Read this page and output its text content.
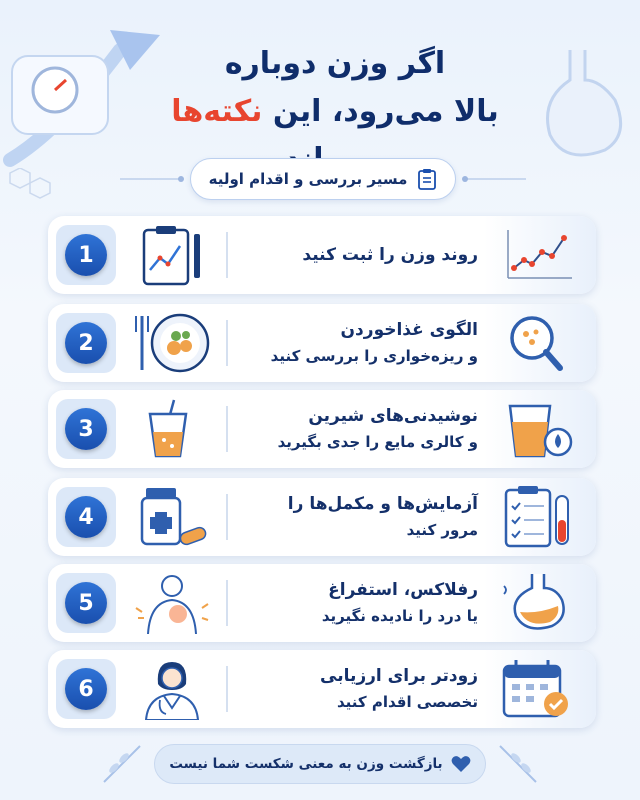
اگر وزن دوباره
بالا می‌رود، این نکته‌ها
مسیر بررسی و اقدام اولیه
1	روند وزن را ثبت کنید
2
الگوی غذاخوردن
و ریزه‌خواری را بررسی کنید
3
نوشیدنی‌های شیرین
و کالری مایع را جدی بگیرید
4
آزمایش‌ها و مکمل‌ها را
مرور کنید
5
رفلاکس، استفراغ
یا درد را نادیده نگیرید
6
زودتر برای ارزیابی
تخصصی اقدام کنید
بازگشت وزن به معنی شکست شما نیست
